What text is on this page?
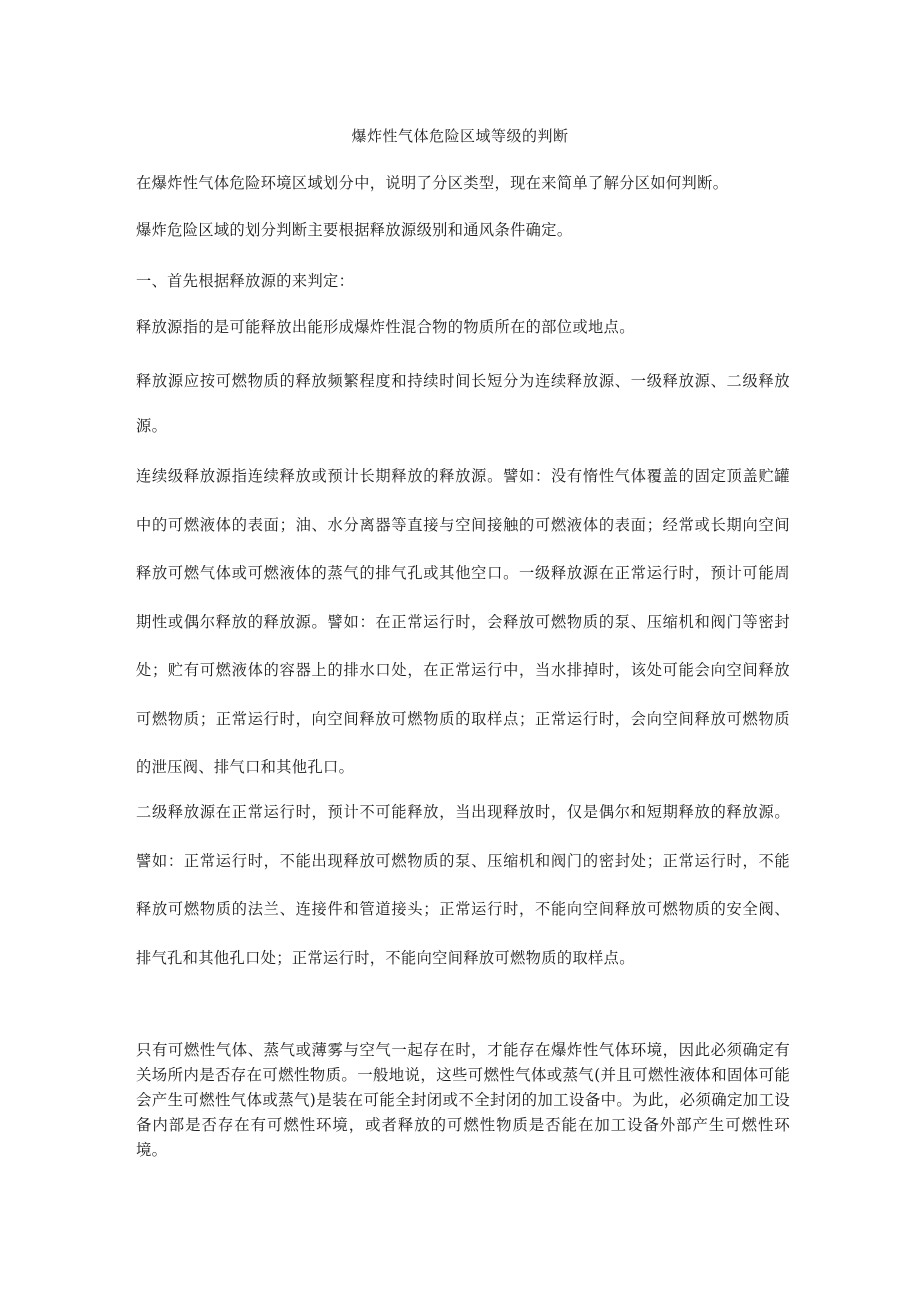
爆炸性气体危险区域等级的判断

在爆炸性气体危险环境区域划分中，说明了分区类型，现在来简单了解分区如何判断。

爆炸危险区域的划分判断主要根据释放源级别和通风条件确定。

一、首先根据释放源的来判定：

释放源指的是可能释放出能形成爆炸性混合物的物质所在的部位或地点。

释放源应按可燃物质的释放频繁程度和持续时间长短分为连续释放源、一级释放源、二级释放源。

连续级释放源指连续释放或预计长期释放的释放源。譬如：没有惰性气体覆盖的固定顶盖贮罐中的可燃液体的表面；油、水分离器等直接与空间接触的可燃液体的表面；经常或长期向空间释放可燃气体或可燃液体的蒸气的排气孔或其他空口。一级释放源在正常运行时，预计可能周期性或偶尔释放的释放源。譬如：在正常运行时，会释放可燃物质的泵、压缩机和阀门等密封处；贮有可燃液体的容器上的排水口处，在正常运行中，当水排掉时，该处可能会向空间释放可燃物质；正常运行时，向空间释放可燃物质的取样点；正常运行时，会向空间释放可燃物质的泄压阀、排气口和其他孔口。

二级释放源在正常运行时，预计不可能释放，当出现释放时，仅是偶尔和短期释放的释放源。譬如：正常运行时，不能出现释放可燃物质的泵、压缩机和阀门的密封处；正常运行时，不能释放可燃物质的法兰、连接件和管道接头；正常运行时，不能向空间释放可燃物质的安全阀、排气孔和其他孔口处；正常运行时，不能向空间释放可燃物质的取样点。

只有可燃性气体、蒸气或薄雾与空气一起存在时，才能存在爆炸性气体环境，因此必须确定有关场所内是否存在可燃性物质。一般地说，这些可燃性气体或蒸气(并且可燃性液体和固体可能会产生可燃性气体或蒸气)是装在可能全封闭或不全封闭的加工设备中。为此，必须确定加工设备内部是否存在有可燃性环境，或者释放的可燃性物质是否能在加工设备外部产生可燃性环境。
